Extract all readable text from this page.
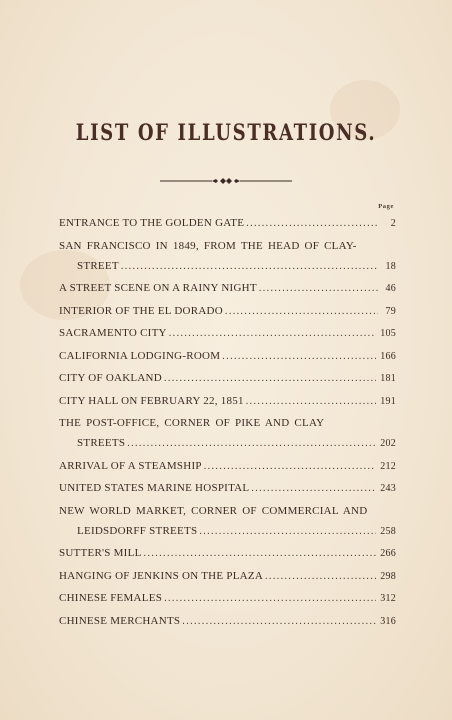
LIST OF ILLUSTRATIONS.
Page
ENTRANCE TO THE GOLDEN GATE .....	2
SAN FRANCISCO IN 1849, FROM THE HEAD OF CLAY-
STREET .....	18
A STREET SCENE ON A RAINY NIGHT .....	46
INTERIOR OF THE EL DORADO .....	79
SACRAMENTO CITY .....	105
CALIFORNIA LODGING-ROOM .....	166
CITY OF OAKLAND .....	181
CITY HALL ON FEBRUARY 22, 1851 .....	191
THE POST-OFFICE, CORNER OF PIKE AND CLAY
STREETS .....	202
ARRIVAL OF A STEAMSHIP .....	212
UNITED STATES MARINE HOSPITAL .....	243
NEW WORLD MARKET, CORNER OF COMMERCIAL AND
LEIDSDORFF STREETS .....	258
SUTTER'S MILL .....	266
HANGING OF JENKINS ON THE PLAZA .....	298
CHINESE FEMALES .....	312
CHINESE MERCHANTS .....	316
